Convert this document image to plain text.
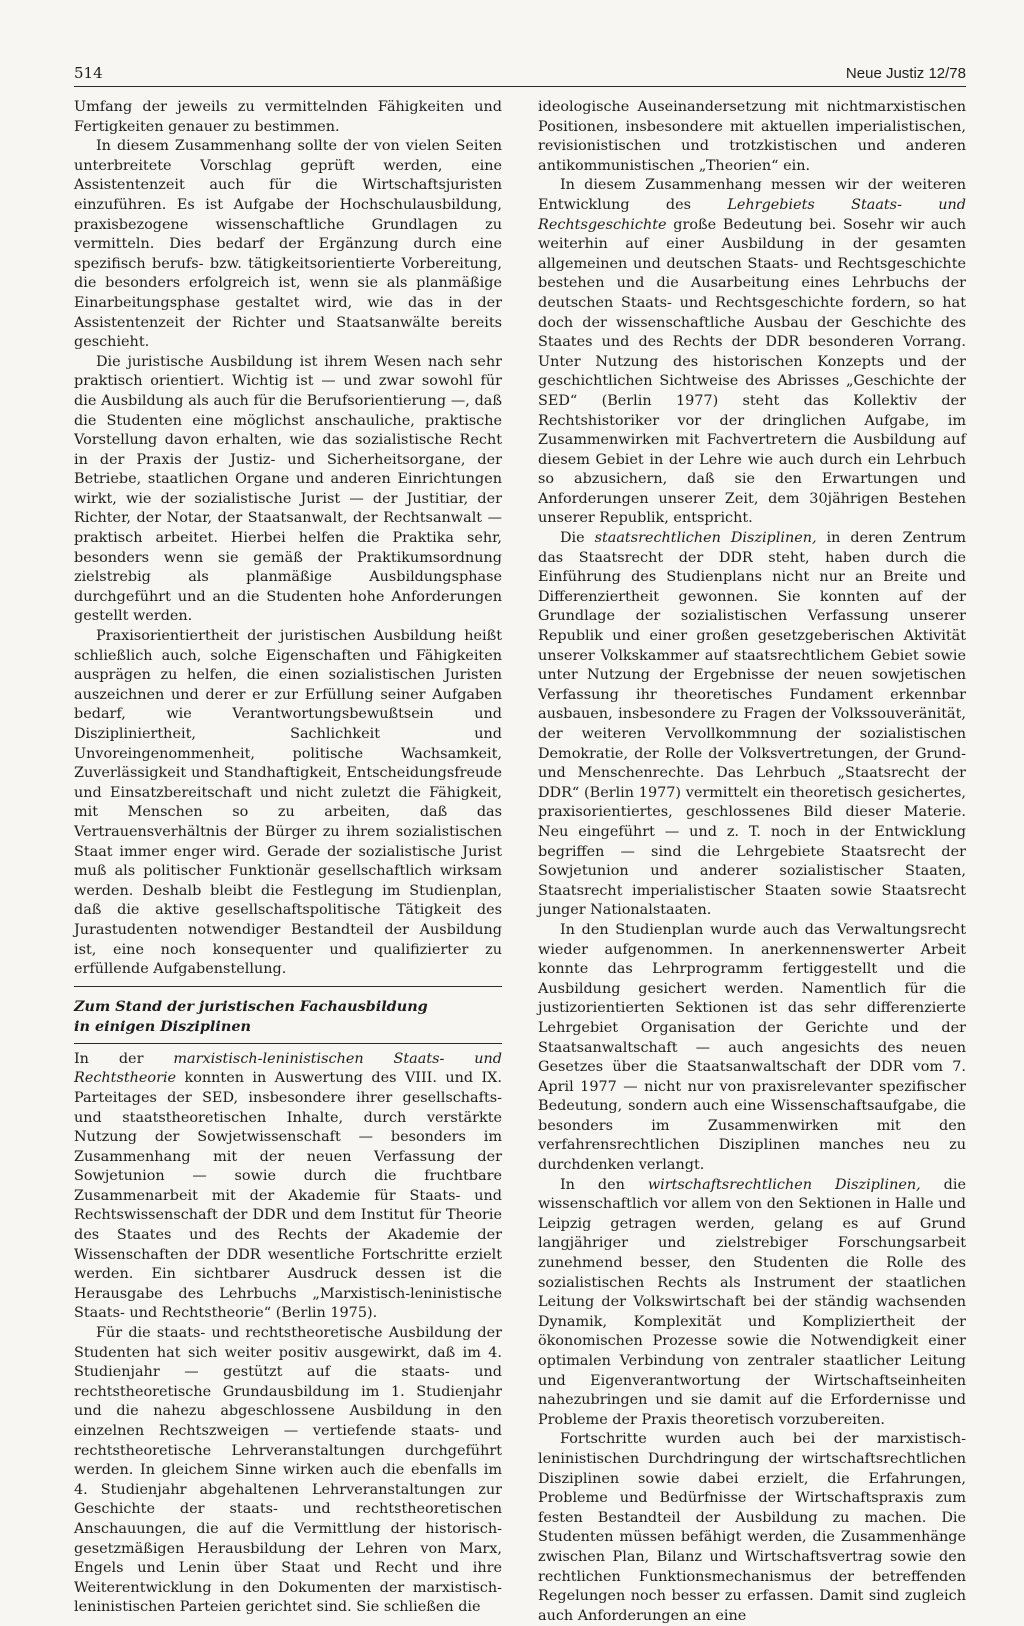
514	Neue Justiz 12/78

Umfang der jeweils zu vermittelnden Fähigkeiten und Fertigkeiten genauer zu bestimmen.

In diesem Zusammenhang sollte der von vielen Seiten unterbreitete Vorschlag geprüft werden, eine Assistentenzeit auch für die Wirtschaftsjuristen einzuführen. Es ist Aufgabe der Hochschulausbildung, praxisbezogene wissenschaftliche Grundlagen zu vermitteln. Dies bedarf der Ergänzung durch eine spezifisch berufs- bzw. tätigkeitsorientierte Vorbereitung, die besonders erfolgreich ist, wenn sie als planmäßige Einarbeitungsphase gestaltet wird, wie das in der Assistentenzeit der Richter und Staatsanwälte bereits geschieht.

Die juristische Ausbildung ist ihrem Wesen nach sehr praktisch orientiert. Wichtig ist — und zwar sowohl für die Ausbildung als auch für die Berufsorientierung —, daß die Studenten eine möglichst anschauliche, praktische Vorstellung davon erhalten, wie das sozialistische Recht in der Praxis der Justiz- und Sicherheitsorgane, der Betriebe, staatlichen Organe und anderen Einrichtungen wirkt, wie der sozialistische Jurist — der Justitiar, der Richter, der Notar, der Staatsanwalt, der Rechtsanwalt — praktisch arbeitet. Hierbei helfen die Praktika sehr, besonders wenn sie gemäß der Praktikumsordnung zielstrebig als planmäßige Ausbildungsphase durchgeführt und an die Studenten hohe Anforderungen gestellt werden.

Praxisorientiertheit der juristischen Ausbildung heißt schließlich auch, solche Eigenschaften und Fähigkeiten ausprägen zu helfen, die einen sozialistischen Juristen auszeichnen und derer er zur Erfüllung seiner Aufgaben bedarf, wie Verantwortungsbewußtsein und Diszipliniertheit, Sachlichkeit und Unvoreingenommenheit, politische Wachsamkeit, Zuverlässigkeit und Standhaftigkeit, Entscheidungsfreude und Einsatzbereitschaft und nicht zuletzt die Fähigkeit, mit Menschen so zu arbeiten, daß das Vertrauensverhältnis der Bürger zu ihrem sozialistischen Staat immer enger wird. Gerade der sozialistische Jurist muß als politischer Funktionär gesellschaftlich wirksam werden. Deshalb bleibt die Festlegung im Studienplan, daß die aktive gesellschaftspolitische Tätigkeit des Jurastudenten notwendiger Bestandteil der Ausbildung ist, eine noch konsequenter und qualifizierter zu erfüllende Aufgabenstellung.

Zum Stand der juristischen Fachausbildung
in einigen Disziplinen

In der marxistisch-leninistischen Staats- und Rechtstheorie konnten in Auswertung des VIII. und IX. Parteitages der SED, insbesondere ihrer gesellschafts- und staatstheoretischen Inhalte, durch verstärkte Nutzung der Sowjetwissenschaft — besonders im Zusammenhang mit der neuen Verfassung der Sowjetunion — sowie durch die fruchtbare Zusammenarbeit mit der Akademie für Staats- und Rechtswissenschaft der DDR und dem Institut für Theorie des Staates und des Rechts der Akademie der Wissenschaften der DDR wesentliche Fortschritte erzielt werden. Ein sichtbarer Ausdruck dessen ist die Herausgabe des Lehrbuchs „Marxistisch-leninistische Staats- und Rechtstheorie“ (Berlin 1975).

Für die staats- und rechtstheoretische Ausbildung der Studenten hat sich weiter positiv ausgewirkt, daß im 4. Studienjahr — gestützt auf die staats- und rechtstheoretische Grundausbildung im 1. Studienjahr und die nahezu abgeschlossene Ausbildung in den einzelnen Rechtszweigen — vertiefende staats- und rechtstheoretische Lehrveranstaltungen durchgeführt werden. In gleichem Sinne wirken auch die ebenfalls im 4. Studienjahr abgehaltenen Lehrveranstaltungen zur Geschichte der staats- und rechtstheoretischen Anschauungen, die auf die Vermittlung der historisch-gesetzmäßigen Herausbildung der Lehren von Marx, Engels und Lenin über Staat und Recht und ihre Weiterentwicklung in den Dokumenten der marxistisch-leninistischen Parteien gerichtet sind. Sie schließen die

ideologische Auseinandersetzung mit nichtmarxistischen Positionen, insbesondere mit aktuellen imperialistischen, revisionistischen und trotzkistischen und anderen antikommunistischen „Theorien“ ein.

In diesem Zusammenhang messen wir der weiteren Entwicklung des Lehrgebiets Staats- und Rechtsgeschichte große Bedeutung bei. Sosehr wir auch weiterhin auf einer Ausbildung in der gesamten allgemeinen und deutschen Staats- und Rechtsgeschichte bestehen und die Ausarbeitung eines Lehrbuchs der deutschen Staats- und Rechtsgeschichte fordern, so hat doch der wissenschaftliche Ausbau der Geschichte des Staates und des Rechts der DDR besonderen Vorrang. Unter Nutzung des historischen Konzepts und der geschichtlichen Sichtweise des Abrisses „Geschichte der SED“ (Berlin 1977) steht das Kollektiv der Rechtshistoriker vor der dringlichen Aufgabe, im Zusammenwirken mit Fachvertretern die Ausbildung auf diesem Gebiet in der Lehre wie auch durch ein Lehrbuch so abzusichern, daß sie den Erwartungen und Anforderungen unserer Zeit, dem 30jährigen Bestehen unserer Republik, entspricht.

Die staatsrechtlichen Disziplinen, in deren Zentrum das Staatsrecht der DDR steht, haben durch die Einführung des Studienplans nicht nur an Breite und Differenziertheit gewonnen. Sie konnten auf der Grundlage der sozialistischen Verfassung unserer Republik und einer großen gesetzgeberischen Aktivität unserer Volkskammer auf staatsrechtlichem Gebiet sowie unter Nutzung der Ergebnisse der neuen sowjetischen Verfassung ihr theoretisches Fundament erkennbar ausbauen, insbesondere zu Fragen der Volkssouveränität, der weiteren Vervollkommnung der sozialistischen Demokratie, der Rolle der Volksvertretungen, der Grund- und Menschenrechte. Das Lehrbuch „Staatsrecht der DDR“ (Berlin 1977) vermittelt ein theoretisch gesichertes, praxisorientiertes, geschlossenes Bild dieser Materie. Neu eingeführt — und z. T. noch in der Entwicklung begriffen — sind die Lehrgebiete Staatsrecht der Sowjetunion und anderer sozialistischer Staaten, Staatsrecht imperialistischer Staaten sowie Staatsrecht junger Nationalstaaten.

In den Studienplan wurde auch das Verwaltungsrecht wieder aufgenommen. In anerkennenswerter Arbeit konnte das Lehrprogramm fertiggestellt und die Ausbildung gesichert werden. Namentlich für die justizorientierten Sektionen ist das sehr differenzierte Lehrgebiet Organisation der Gerichte und der Staatsanwaltschaft — auch angesichts des neuen Gesetzes über die Staatsanwaltschaft der DDR vom 7. April 1977 — nicht nur von praxisrelevanter spezifischer Bedeutung, sondern auch eine Wissenschaftsaufgabe, die besonders im Zusammenwirken mit den verfahrensrechtlichen Disziplinen manches neu zu durchdenken verlangt.

In den wirtschaftsrechtlichen Disziplinen, die wissenschaftlich vor allem von den Sektionen in Halle und Leipzig getragen werden, gelang es auf Grund langjähriger und zielstrebiger Forschungsarbeit zunehmend besser, den Studenten die Rolle des sozialistischen Rechts als Instrument der staatlichen Leitung der Volkswirtschaft bei der ständig wachsenden Dynamik, Komplexität und Kompliziertheit der ökonomischen Prozesse sowie die Notwendigkeit einer optimalen Verbindung von zentraler staatlicher Leitung und Eigenverantwortung der Wirtschaftseinheiten nahezubringen und sie damit auf die Erfordernisse und Probleme der Praxis theoretisch vorzubereiten.

Fortschritte wurden auch bei der marxistisch-leninistischen Durchdringung der wirtschaftsrechtlichen Disziplinen sowie dabei erzielt, die Erfahrungen, Probleme und Bedürfnisse der Wirtschaftspraxis zum festen Bestandteil der Ausbildung zu machen. Die Studenten müssen befähigt werden, die Zusammenhänge zwischen Plan, Bilanz und Wirtschaftsvertrag sowie den rechtlichen Funktionsmechanismus der betreffenden Regelungen noch besser zu erfassen. Damit sind zugleich auch Anforderungen an eine
